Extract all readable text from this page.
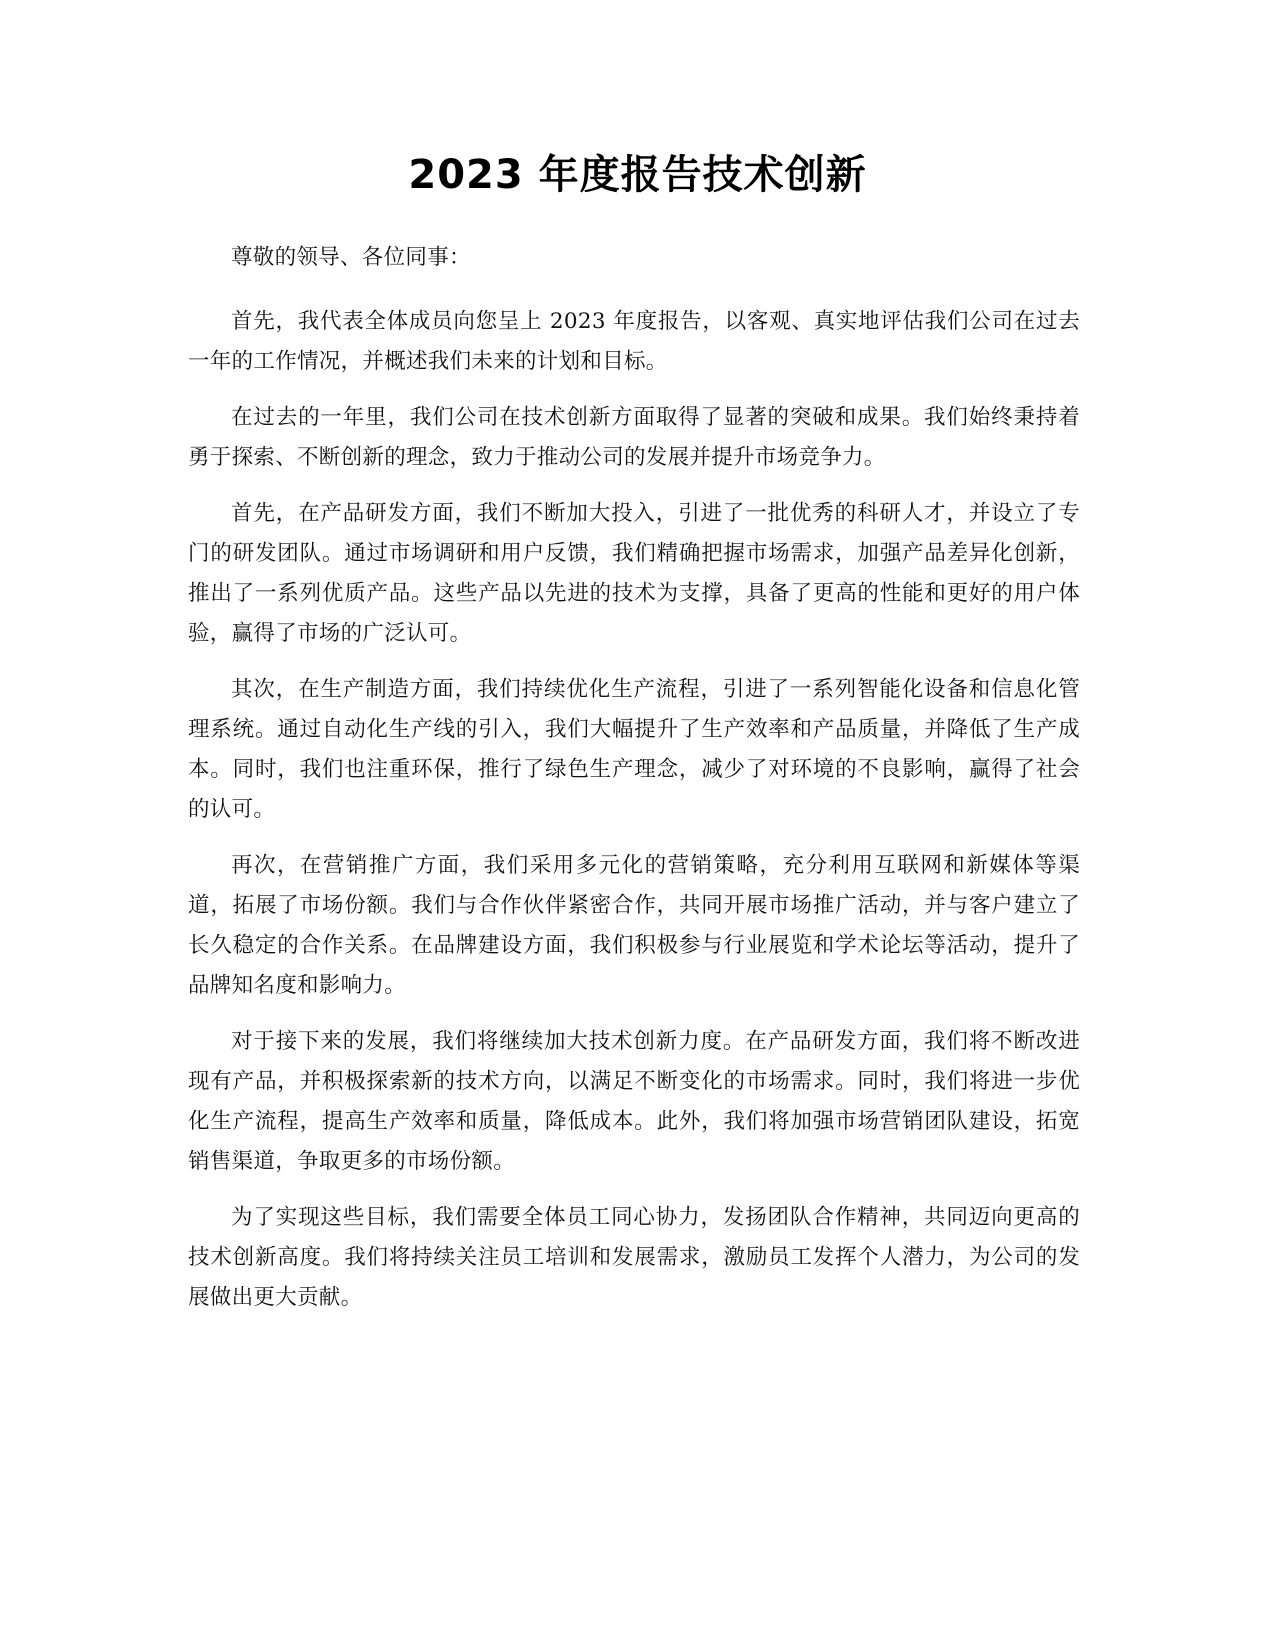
2023 年度报告技术创新

尊敬的领导、各位同事：

首先，我代表全体成员向您呈上 2023 年度报告，以客观、真实地评估我们公司在过去一年的工作情况，并概述我们未来的计划和目标。

在过去的一年里，我们公司在技术创新方面取得了显著的突破和成果。我们始终秉持着勇于探索、不断创新的理念，致力于推动公司的发展并提升市场竞争力。

首先，在产品研发方面，我们不断加大投入，引进了一批优秀的科研人才，并设立了专门的研发团队。通过市场调研和用户反馈，我们精确把握市场需求，加强产品差异化创新，推出了一系列优质产品。这些产品以先进的技术为支撑，具备了更高的性能和更好的用户体验，赢得了市场的广泛认可。

其次，在生产制造方面，我们持续优化生产流程，引进了一系列智能化设备和信息化管理系统。通过自动化生产线的引入，我们大幅提升了生产效率和产品质量，并降低了生产成本。同时，我们也注重环保，推行了绿色生产理念，减少了对环境的不良影响，赢得了社会的认可。

再次，在营销推广方面，我们采用多元化的营销策略，充分利用互联网和新媒体等渠道，拓展了市场份额。我们与合作伙伴紧密合作，共同开展市场推广活动，并与客户建立了长久稳定的合作关系。在品牌建设方面，我们积极参与行业展览和学术论坛等活动，提升了品牌知名度和影响力。

对于接下来的发展，我们将继续加大技术创新力度。在产品研发方面，我们将不断改进现有产品，并积极探索新的技术方向，以满足不断变化的市场需求。同时，我们将进一步优化生产流程，提高生产效率和质量，降低成本。此外，我们将加强市场营销团队建设，拓宽销售渠道，争取更多的市场份额。

为了实现这些目标，我们需要全体员工同心协力，发扬团队合作精神，共同迈向更高的技术创新高度。我们将持续关注员工培训和发展需求，激励员工发挥个人潜力，为公司的发展做出更大贡献。
